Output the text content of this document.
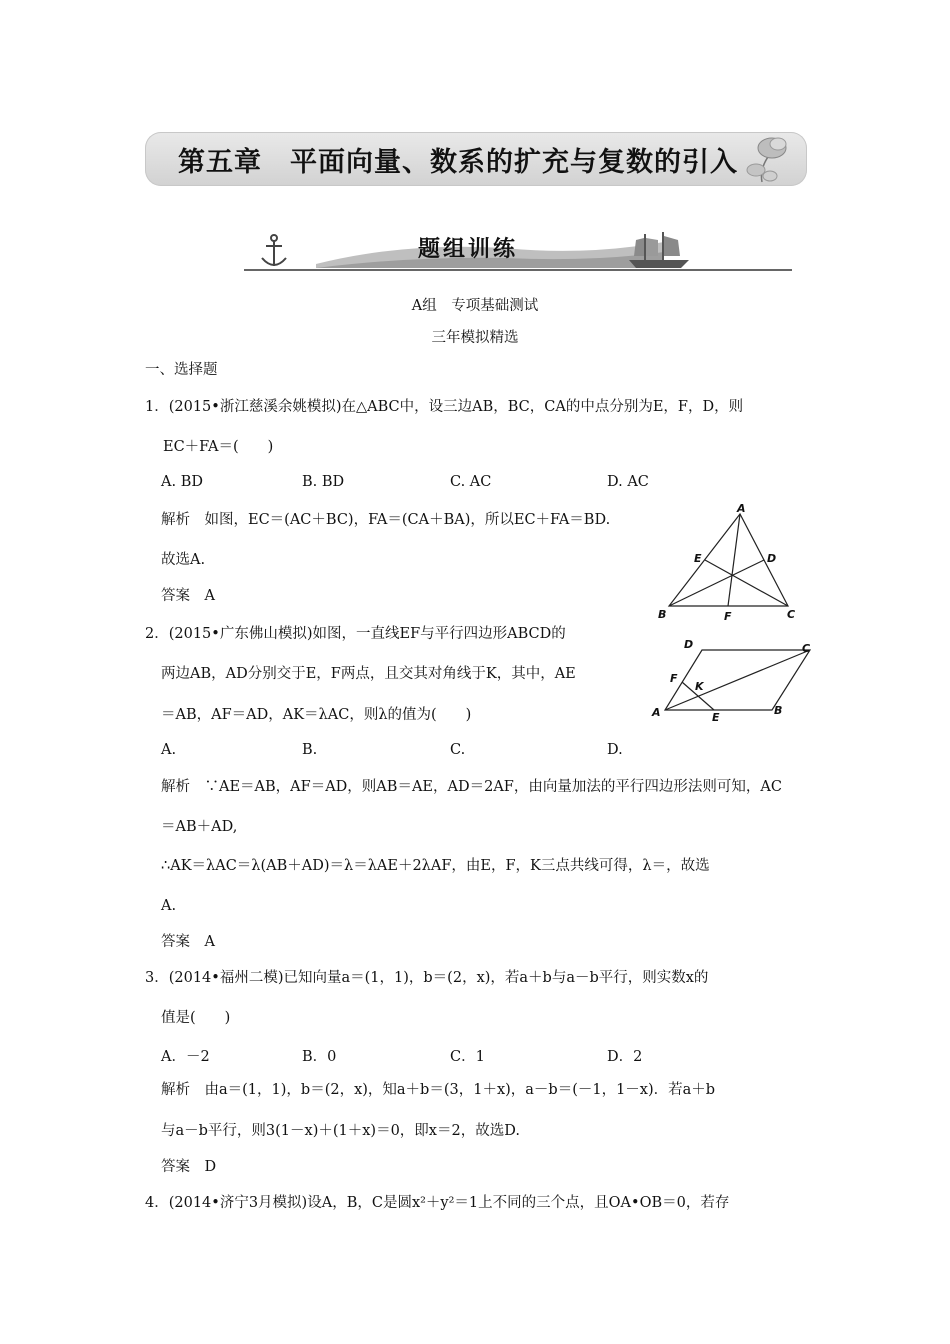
第五章　平面向量、数系的扩充与复数的引入
题组训练
A组　专项基础测试
三年模拟精选
一、选择题
1．(2015•浙江慈溪余姚模拟)在△ABC中，设三边AB，BC，CA的中点分别为E，F，D，则
EC＋FA＝(　　)
A. BD	B. BD	C. AC	D. AC
解析　如图，EC＝(AC＋BC)，FA＝(CA＋BA)，所以EC＋FA＝BD.
故选A.
答案　A
A
B	C
D
E
F
2．(2015•广东佛山模拟)如图，一直线EF与平行四边形ABCD的
两边AB，AD分别交于E，F两点，且交其对角线于K，其中，AE
＝AB，AF＝AD，AK＝λAC，则λ的值为(　　)
A.	B.	C.	D.
解析　∵AE＝AB，AF＝AD，则AB＝AE，AD＝2AF，由向量加法的平行四边形法则可知，AC
＝AB＋AD,
∴AK＝λAC＝λ(AB＋AD)＝λ＝λAE＋2λAF，由E，F，K三点共线可得，λ＝，故选
A.
答案　A
A	B
C
D
E
F
K
3．(2014•福州二模)已知向量a＝(1，1)，b＝(2，x)，若a＋b与a－b平行，则实数x的
值是(　　)
A．－2	B．0	C．1	D．2
解析　由a＝(1，1)，b＝(2，x)，知a＋b＝(3，1＋x)，a－b＝(－1，1－x)．若a＋b
与a－b平行，则3(1－x)＋(1＋x)＝0，即x＝2，故选D.
答案　D
4．(2014•济宁3月模拟)设A，B，C是圆x²＋y²＝1上不同的三个点，且OA•OB＝0，若存
